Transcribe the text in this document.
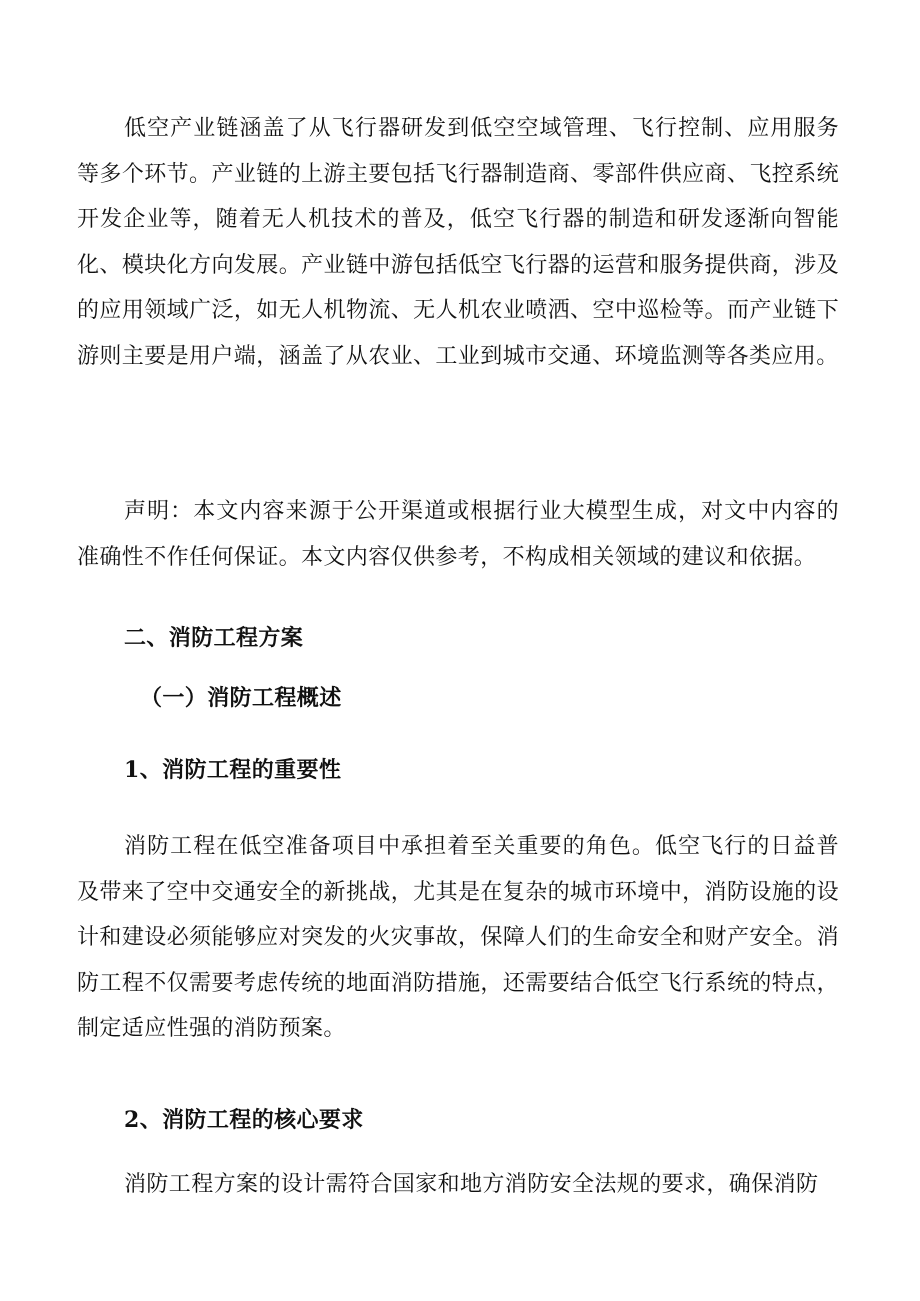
低空产业链涵盖了从飞行器研发到低空空域管理、飞行控制、应用服务等多个环节。产业链的上游主要包括飞行器制造商、零部件供应商、飞控系统开发企业等，随着无人机技术的普及，低空飞行器的制造和研发逐渐向智能化、模块化方向发展。产业链中游包括低空飞行器的运营和服务提供商，涉及的应用领域广泛，如无人机物流、无人机农业喷洒、空中巡检等。而产业链下游则主要是用户端，涵盖了从农业、工业到城市交通、环境监测等各类应用。

声明：本文内容来源于公开渠道或根据行业大模型生成，对文中内容的准确性不作任何保证。本文内容仅供参考，不构成相关领域的建议和依据。

二、消防工程方案
（一）消防工程概述
1、消防工程的重要性

消防工程在低空准备项目中承担着至关重要的角色。低空飞行的日益普及带来了空中交通安全的新挑战，尤其是在复杂的城市环境中，消防设施的设计和建设必须能够应对突发的火灾事故，保障人们的生命安全和财产安全。消防工程不仅需要考虑传统的地面消防措施，还需要结合低空飞行系统的特点，制定适应性强的消防预案。

2、消防工程的核心要求

消防工程方案的设计需符合国家和地方消防安全法规的要求，确保消防
